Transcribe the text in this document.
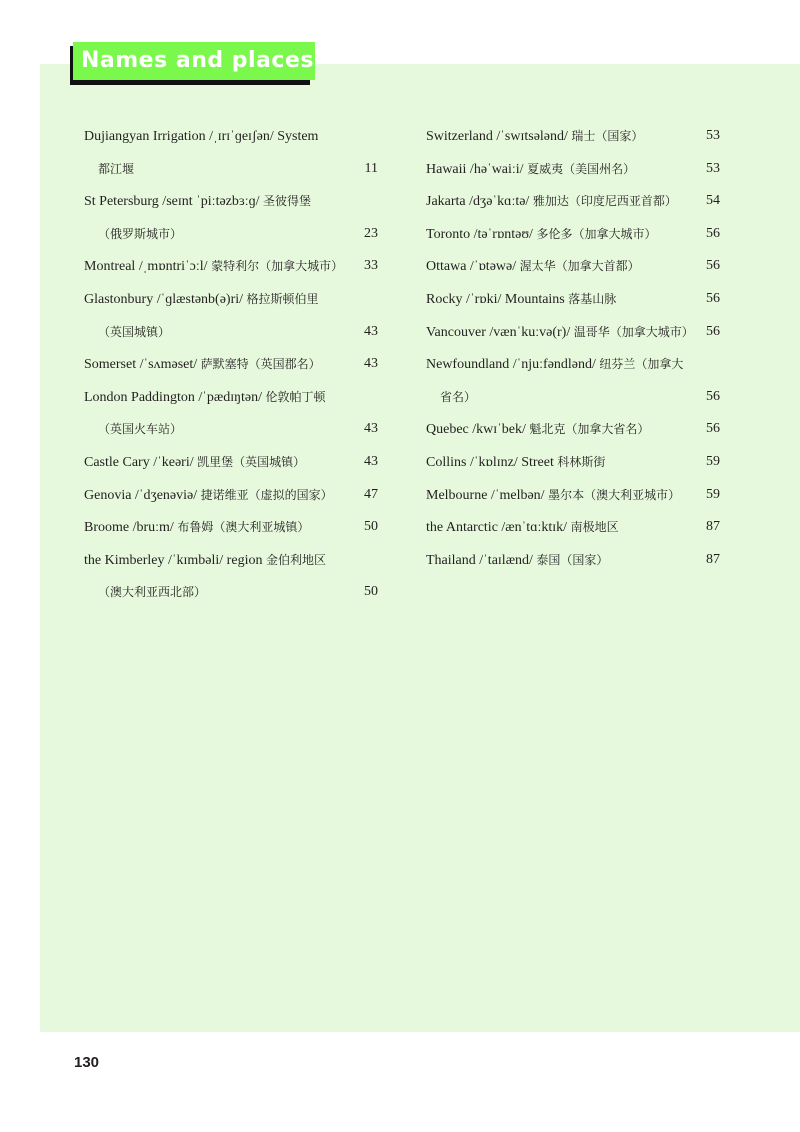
Names and places
Dujiangyan Irrigation /ˌɪrɪˈɡeɪʃən/ System
都江堰	11
St Petersburg /seɪnt ˈpiːtəzbɜːɡ/ 圣彼得堡
（俄罗斯城市）	23
Montreal /ˌmɒntriˈɔːl/ 蒙特利尔（加拿大城市） 33
Glastonbury /ˈɡlæstənb(ə)ri/ 格拉斯顿伯里
（英国城镇）	43
Somerset /ˈsʌməset/ 萨默塞特（英国郡名）	43
London Paddington /ˈpædɪŋtən/ 伦敦帕丁顿
（英国火车站）	43
Castle Cary /ˈkeəri/ 凯里堡（英国城镇）	43
Genovia /ˈdʒenəviə/ 捷诺维亚（虚拟的国家） 47
Broome /bruːm/ 布鲁姆（澳大利亚城镇）	50
the Kimberley /ˈkɪmbəli/ region 金伯利地区
（澳大利亚西北部）	50
Switzerland /ˈswɪtsələnd/ 瑞士（国家）	53
Hawaii /həˈwaiːi/ 夏威夷（美国州名）	53
Jakarta /dʒəˈkɑːtə/ 雅加达（印度尼西亚首都） 54
Toronto /təˈrɒntəʊ/ 多伦多（加拿大城市）	56
Ottawa /ˈɒtəwə/ 渥太华（加拿大首都）	56
Rocky /ˈrɒki/ Mountains 落基山脉	56
Vancouver /vænˈkuːvə(r)/ 温哥华（加拿大城市） 56
Newfoundland /ˈnjuːfəndlənd/ 纽芬兰（加拿大
省名）	56
Quebec /kwɪˈbek/ 魁北克（加拿大省名）	56
Collins /ˈkɒlɪnz/ Street 科林斯街	59
Melbourne /ˈmelbən/ 墨尔本（澳大利亚城市） 59
the Antarctic /ænˈtɑːktɪk/ 南极地区	87
Thailand /ˈtaɪlænd/ 泰国（国家）	87
130
